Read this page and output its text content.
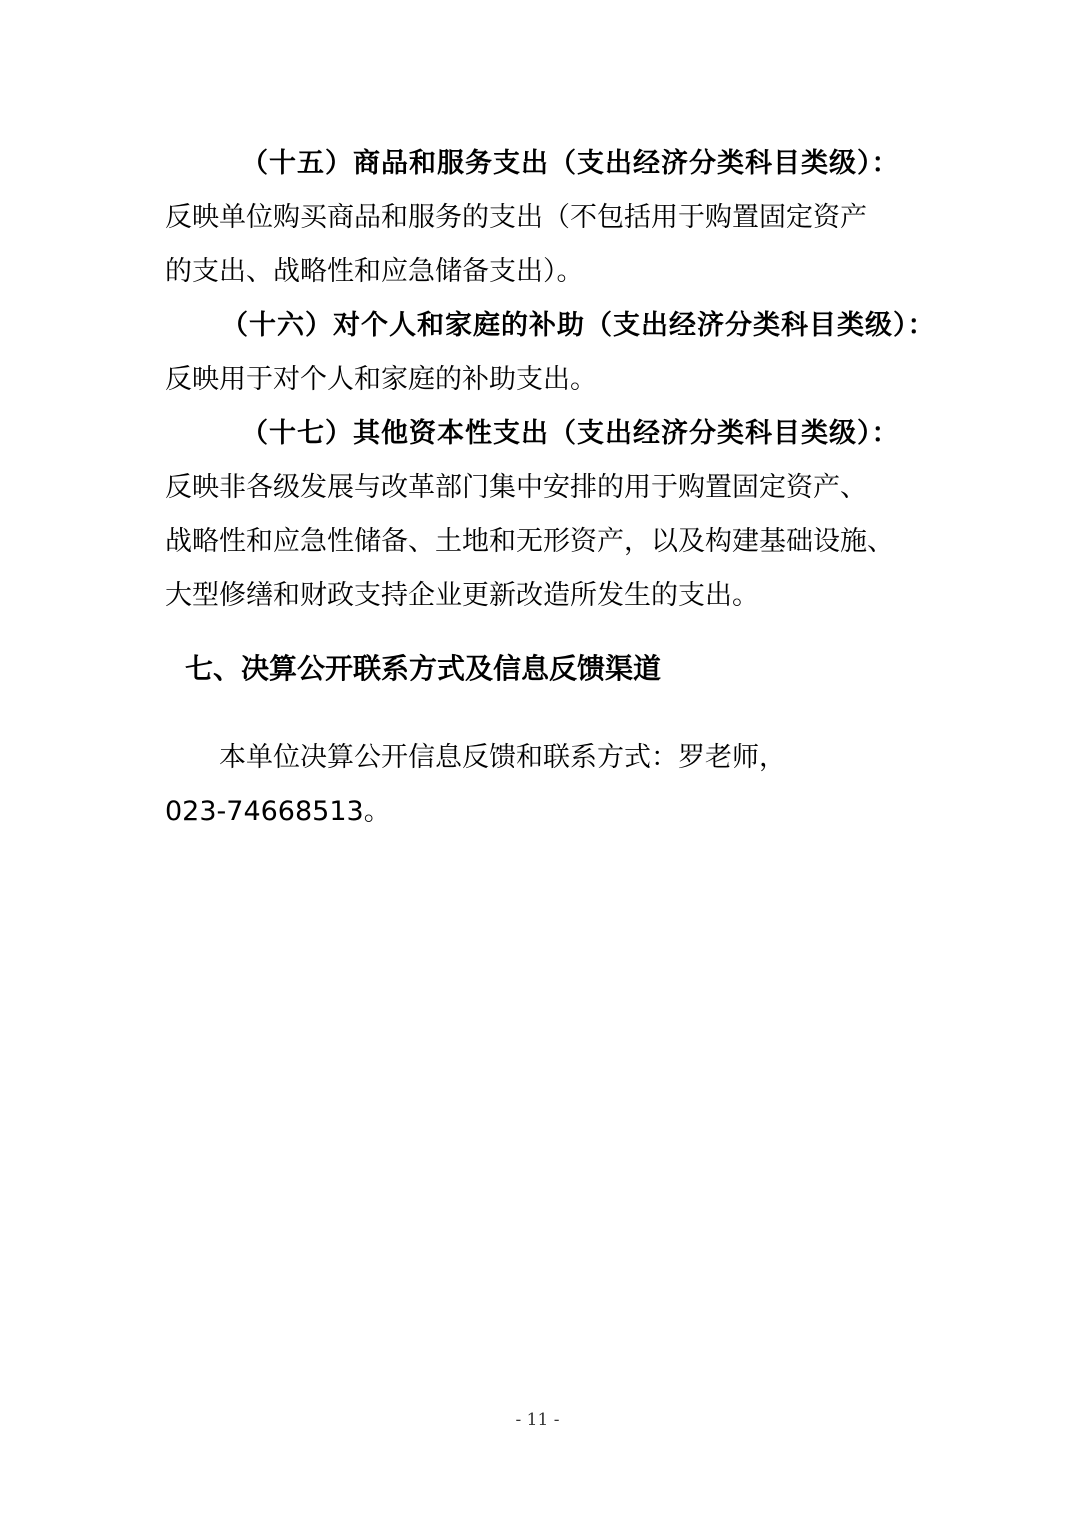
（十五）商品和服务支出（支出经济分类科目类级）：
反映单位购买商品和服务的支出（不包括用于购置固定资产
的支出、战略性和应急储备支出）。
（十六）对个人和家庭的补助（支出经济分类科目类级）：
反映用于对个人和家庭的补助支出。
（十七）其他资本性支出（支出经济分类科目类级）：
反映非各级发展与改革部门集中安排的用于购置固定资产、
战略性和应急性储备、土地和无形资产，以及构建基础设施、
大型修缮和财政支持企业更新改造所发生的支出。
七、决算公开联系方式及信息反馈渠道
本单位决算公开信息反馈和联系方式：罗老师，
023-74668513。
- 11 -
